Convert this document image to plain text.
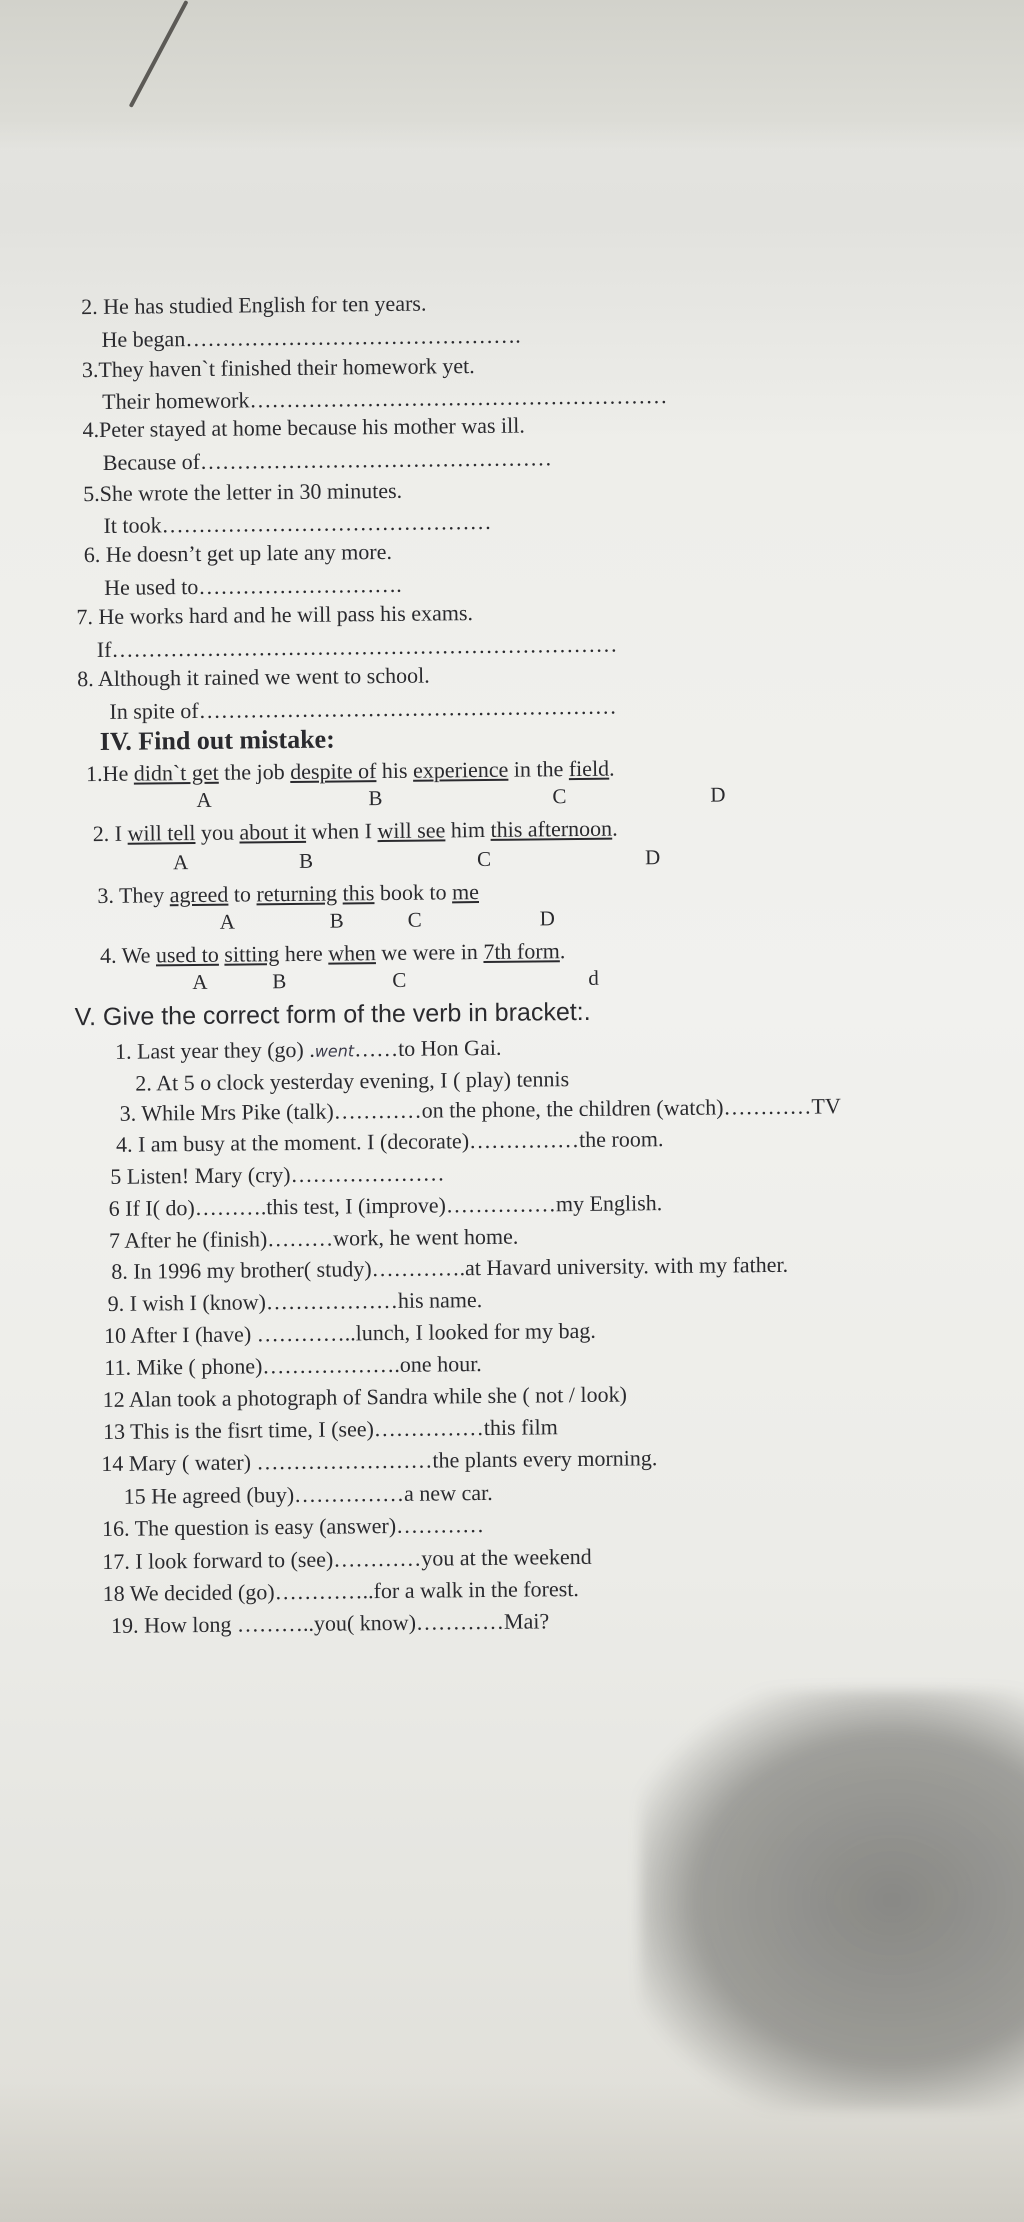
2. He has studied English for ten years.
He began……………………………………….
3.They haven`t finished their homework yet.
Their homework…………………………………………………
4.Peter stayed at home because his mother was ill.
Because of…………………………………………
5.She wrote the letter in 30 minutes.
It took………………………………………
6. He doesn’t get up late any more.
He used to……………………….
7. He works hard and he will pass his exams.
If……………………………………………………………
8. Although it rained we went to school.
In spite of…………………………………………………
IV. Find out mistake:
1.He didn`t get the job despite of his experience in the field.
A	B	C	D
2. I will tell you about it when I will see him this afternoon.
A	B	C	D
3. They agreed to returning this book to me
A	B	C	D
4. We used to sitting here when we were in 7th form.
A	B	C	d
V. Give the correct form of the verb in bracket:.
1. Last year they (go) .went……to Hon Gai.
2. At 5 o clock yesterday evening, I ( play) tennis
3. While Mrs Pike (talk)…………on the phone, the children (watch)…………TV
4. I am busy at the moment. I (decorate)……………the room.
5 Listen! Mary (cry)…………………
6 If I( do)……….this test, I (improve)……………my English.
7 After he (finish)………work, he went home.
8. In 1996 my brother( study)………….at Havard university. with my father.
9. I wish I (know)………………his name.
10 After I (have) …………..lunch, I looked for my bag.
11. Mike ( phone)……………….one hour.
12 Alan took a photograph of Sandra while she ( not / look)
13 This is the fisrt time, I (see)……………this film
14 Mary ( water) ……………………the plants every morning.
15 He agreed (buy)……………a new car.
16. The question is easy (answer)…………
17. I look forward to (see)…………you at the weekend
18 We decided (go)…………..for a walk in the forest.
19. How long ………..you( know)…………Mai?
